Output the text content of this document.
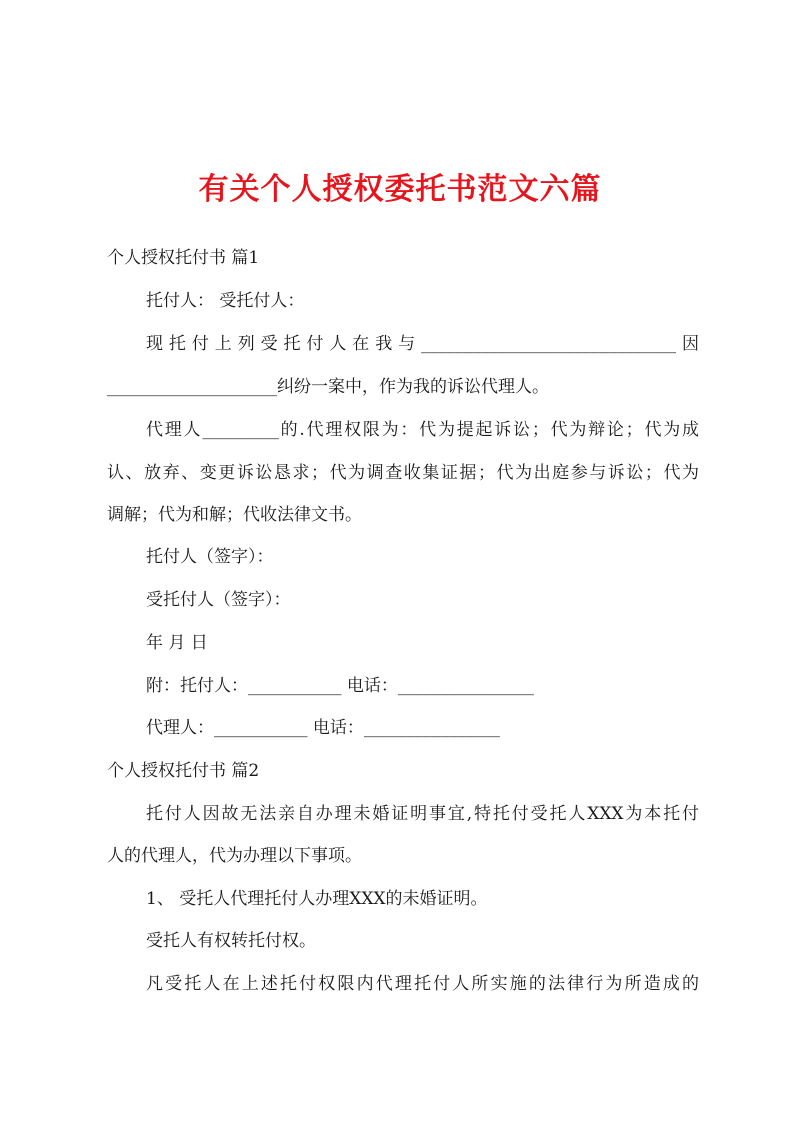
有关个人授权委托书范文六篇
个人授权托付书 篇1
托付人： 受托付人：
现托付上列受托付人在我与______________________________因
____________________纠纷一案中，作为我的诉讼代理人。
代理人_________的.代理权限为：代为提起诉讼；代为辩论；代为成
认、放弃、变更诉讼恳求；代为调查收集证据；代为出庭参与诉讼；代为
调解；代为和解；代收法律文书。
托付人（签字）：
受托付人（签字）：
年 月 日
附：托付人：___________ 电话：________________
代理人：___________ 电话：________________
个人授权托付书 篇2
托付人因故无法亲自办理未婚证明事宜,特托付受托人XXX为本托付
人的代理人，代为办理以下事项。
1、 受托人代理托付人办理XXX的未婚证明。
受托人有权转托付权。
凡受托人在上述托付权限内代理托付人所实施的法律行为所造成的
